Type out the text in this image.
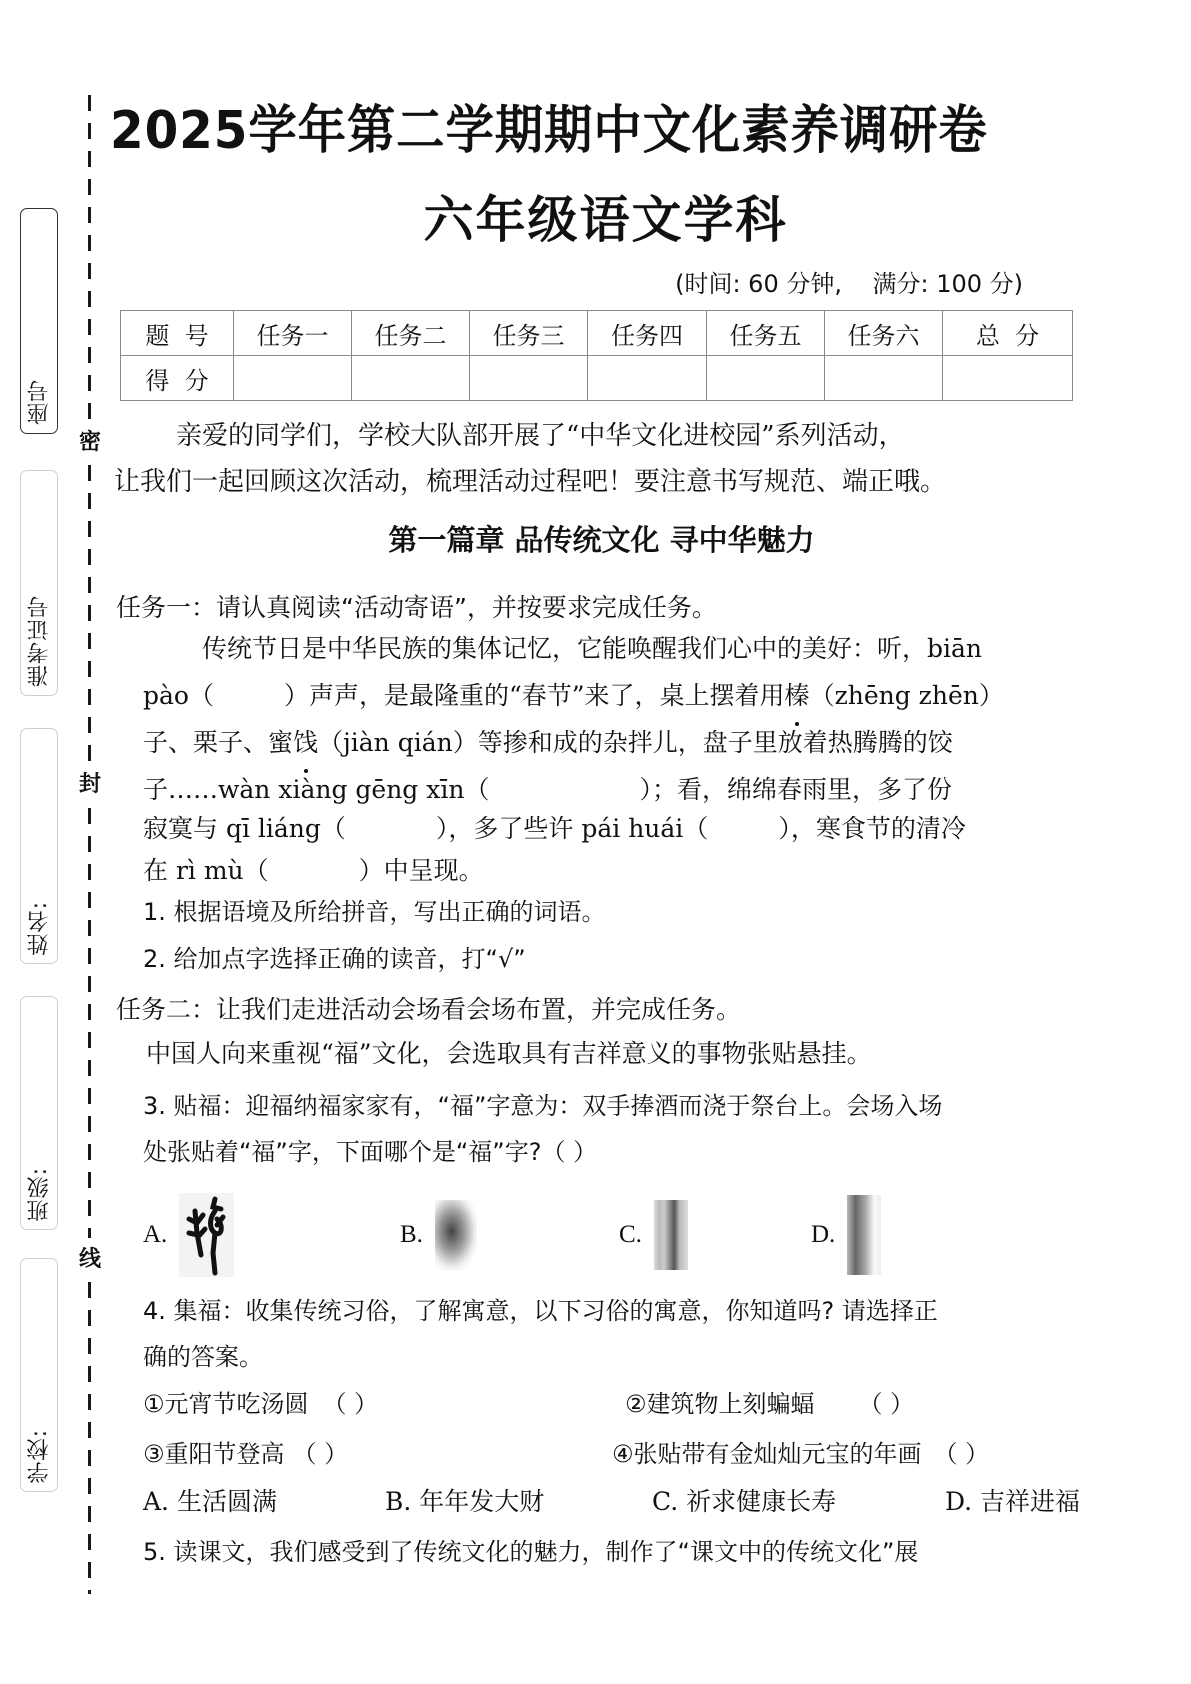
密
封
线
座号
准考证号
姓名:
班级:
学校:
2025学年第二学期期中文化素养调研卷
六年级语文学科
(时间: 60 分钟,    满分: 100 分)
题  号	任务一	任务二	任务三	任务四	任务五	任务六	总  分
得  分							
亲爱的同学们，学校大队部开展了“中华文化进校园”系列活动，
让我们一起回顾这次活动，梳理活动过程吧！要注意书写规范、端正哦。
第一篇章 品传统文化 寻中华魅力
任务一：请认真阅读“活动寄语”，并按要求完成任务。
传统节日是中华民族的集体记忆，它能唤醒我们心中的美好：听，biān
pào（	）声声，是最隆重的“春节”来了，桌上摆着用榛（zhēng zhēn）
子、栗子、蜜饯（jiàn qián）等掺和成的杂拌儿，盘子里放着热腾腾的饺
子……wàn xiàng gēng xīn（	）；看，绵绵春雨里，多了份
寂寞与 qī liáng（	），多了些许 pái huái（	），寒食节的清冷
在 rì mù（	）中呈现。
1. 根据语境及所给拼音，写出正确的词语。
2. 给加点字选择正确的读音，打“√”
任务二：让我们走进活动会场看会场布置，并完成任务。
中国人向来重视“福”文化，会选取具有吉祥意义的事物张贴悬挂。
3. 贴福：迎福纳福家家有，“福”字意为：双手捧酒而浇于祭台上。会场入场
处张贴着“福”字，下面哪个是“福”字?（ ）
A.	B.	C.	D.
4. 集福：收集传统习俗，了解寓意，以下习俗的寓意，你知道吗? 请选择正
确的答案。
①元宵节吃汤圆 （ ）	②建筑物上刻蝙蝠 （ ）
③重阳节登高 （ ）	④张贴带有金灿灿元宝的年画 （ ）
A. 生活圆满	B. 年年发大财	C. 祈求健康长寿	D. 吉祥进福
5. 读课文，我们感受到了传统文化的魅力，制作了“课文中的传统文化”展
